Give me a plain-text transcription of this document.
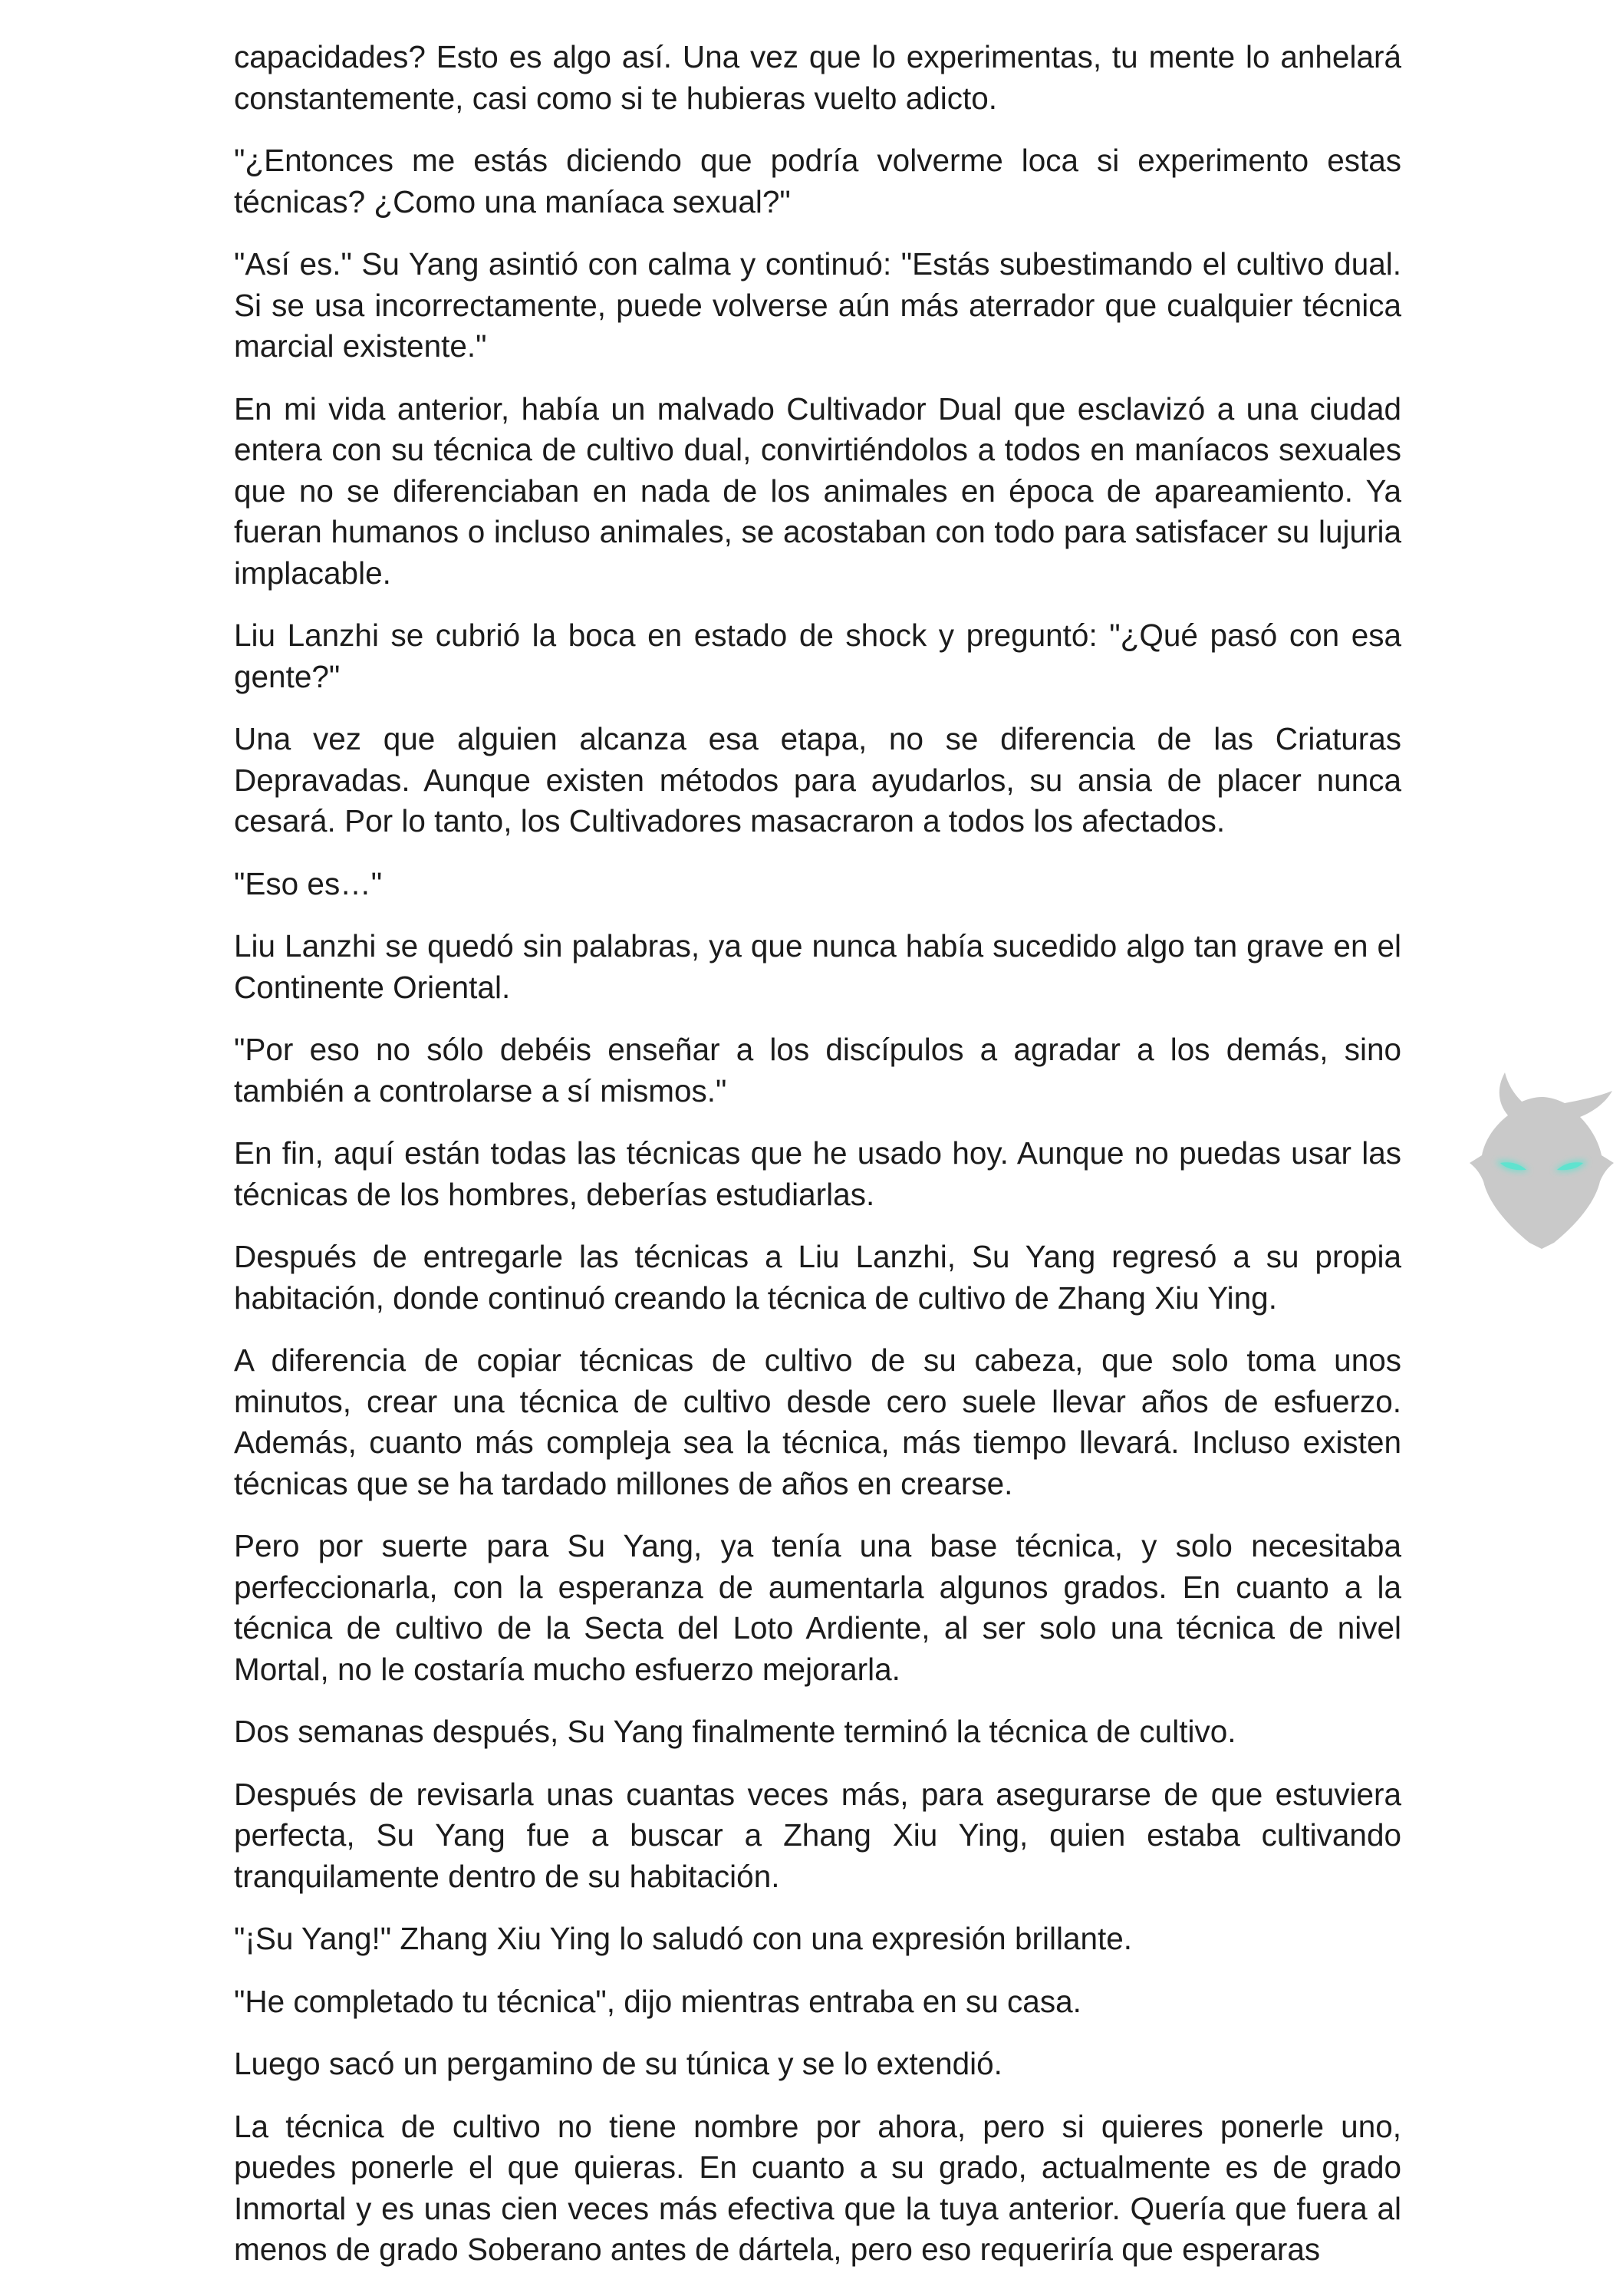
capacidades? Esto es algo así. Una vez que lo experimentas, tu mente lo anhelará constantemente, casi como si te hubieras vuelto adicto.

"¿Entonces me estás diciendo que podría volverme loca si experimento estas técnicas? ¿Como una maníaca sexual?"

"Así es." Su Yang asintió con calma y continuó: "Estás subestimando el cultivo dual. Si se usa incorrectamente, puede volverse aún más aterrador que cualquier técnica marcial existente."

En mi vida anterior, había un malvado Cultivador Dual que esclavizó a una ciudad entera con su técnica de cultivo dual, convirtiéndolos a todos en maníacos sexuales que no se diferenciaban en nada de los animales en época de apareamiento. Ya fueran humanos o incluso animales, se acostaban con todo para satisfacer su lujuria implacable.

Liu Lanzhi se cubrió la boca en estado de shock y preguntó: "¿Qué pasó con esa gente?"

Una vez que alguien alcanza esa etapa, no se diferencia de las Criaturas Depravadas. Aunque existen métodos para ayudarlos, su ansia de placer nunca cesará. Por lo tanto, los Cultivadores masacraron a todos los afectados.

"Eso es…"

Liu Lanzhi se quedó sin palabras, ya que nunca había sucedido algo tan grave en el Continente Oriental.

"Por eso no sólo debéis enseñar a los discípulos a agradar a los demás, sino también a controlarse a sí mismos."

En fin, aquí están todas las técnicas que he usado hoy. Aunque no puedas usar las técnicas de los hombres, deberías estudiarlas.

Después de entregarle las técnicas a Liu Lanzhi, Su Yang regresó a su propia habitación, donde continuó creando la técnica de cultivo de Zhang Xiu Ying.

A diferencia de copiar técnicas de cultivo de su cabeza, que solo toma unos minutos, crear una técnica de cultivo desde cero suele llevar años de esfuerzo. Además, cuanto más compleja sea la técnica, más tiempo llevará. Incluso existen técnicas que se ha tardado millones de años en crearse.

Pero por suerte para Su Yang, ya tenía una base técnica, y solo necesitaba perfeccionarla, con la esperanza de aumentarla algunos grados. En cuanto a la técnica de cultivo de la Secta del Loto Ardiente, al ser solo una técnica de nivel Mortal, no le costaría mucho esfuerzo mejorarla.

Dos semanas después, Su Yang finalmente terminó la técnica de cultivo.

Después de revisarla unas cuantas veces más, para asegurarse de que estuviera perfecta, Su Yang fue a buscar a Zhang Xiu Ying, quien estaba cultivando tranquilamente dentro de su habitación.

"¡Su Yang!" Zhang Xiu Ying lo saludó con una expresión brillante.

"He completado tu técnica", dijo mientras entraba en su casa.

Luego sacó un pergamino de su túnica y se lo extendió.

La técnica de cultivo no tiene nombre por ahora, pero si quieres ponerle uno, puedes ponerle el que quieras. En cuanto a su grado, actualmente es de grado Inmortal y es unas cien veces más efectiva que la tuya anterior. Quería que fuera al menos de grado Soberano antes de dártela, pero eso requeriría que esperaras
